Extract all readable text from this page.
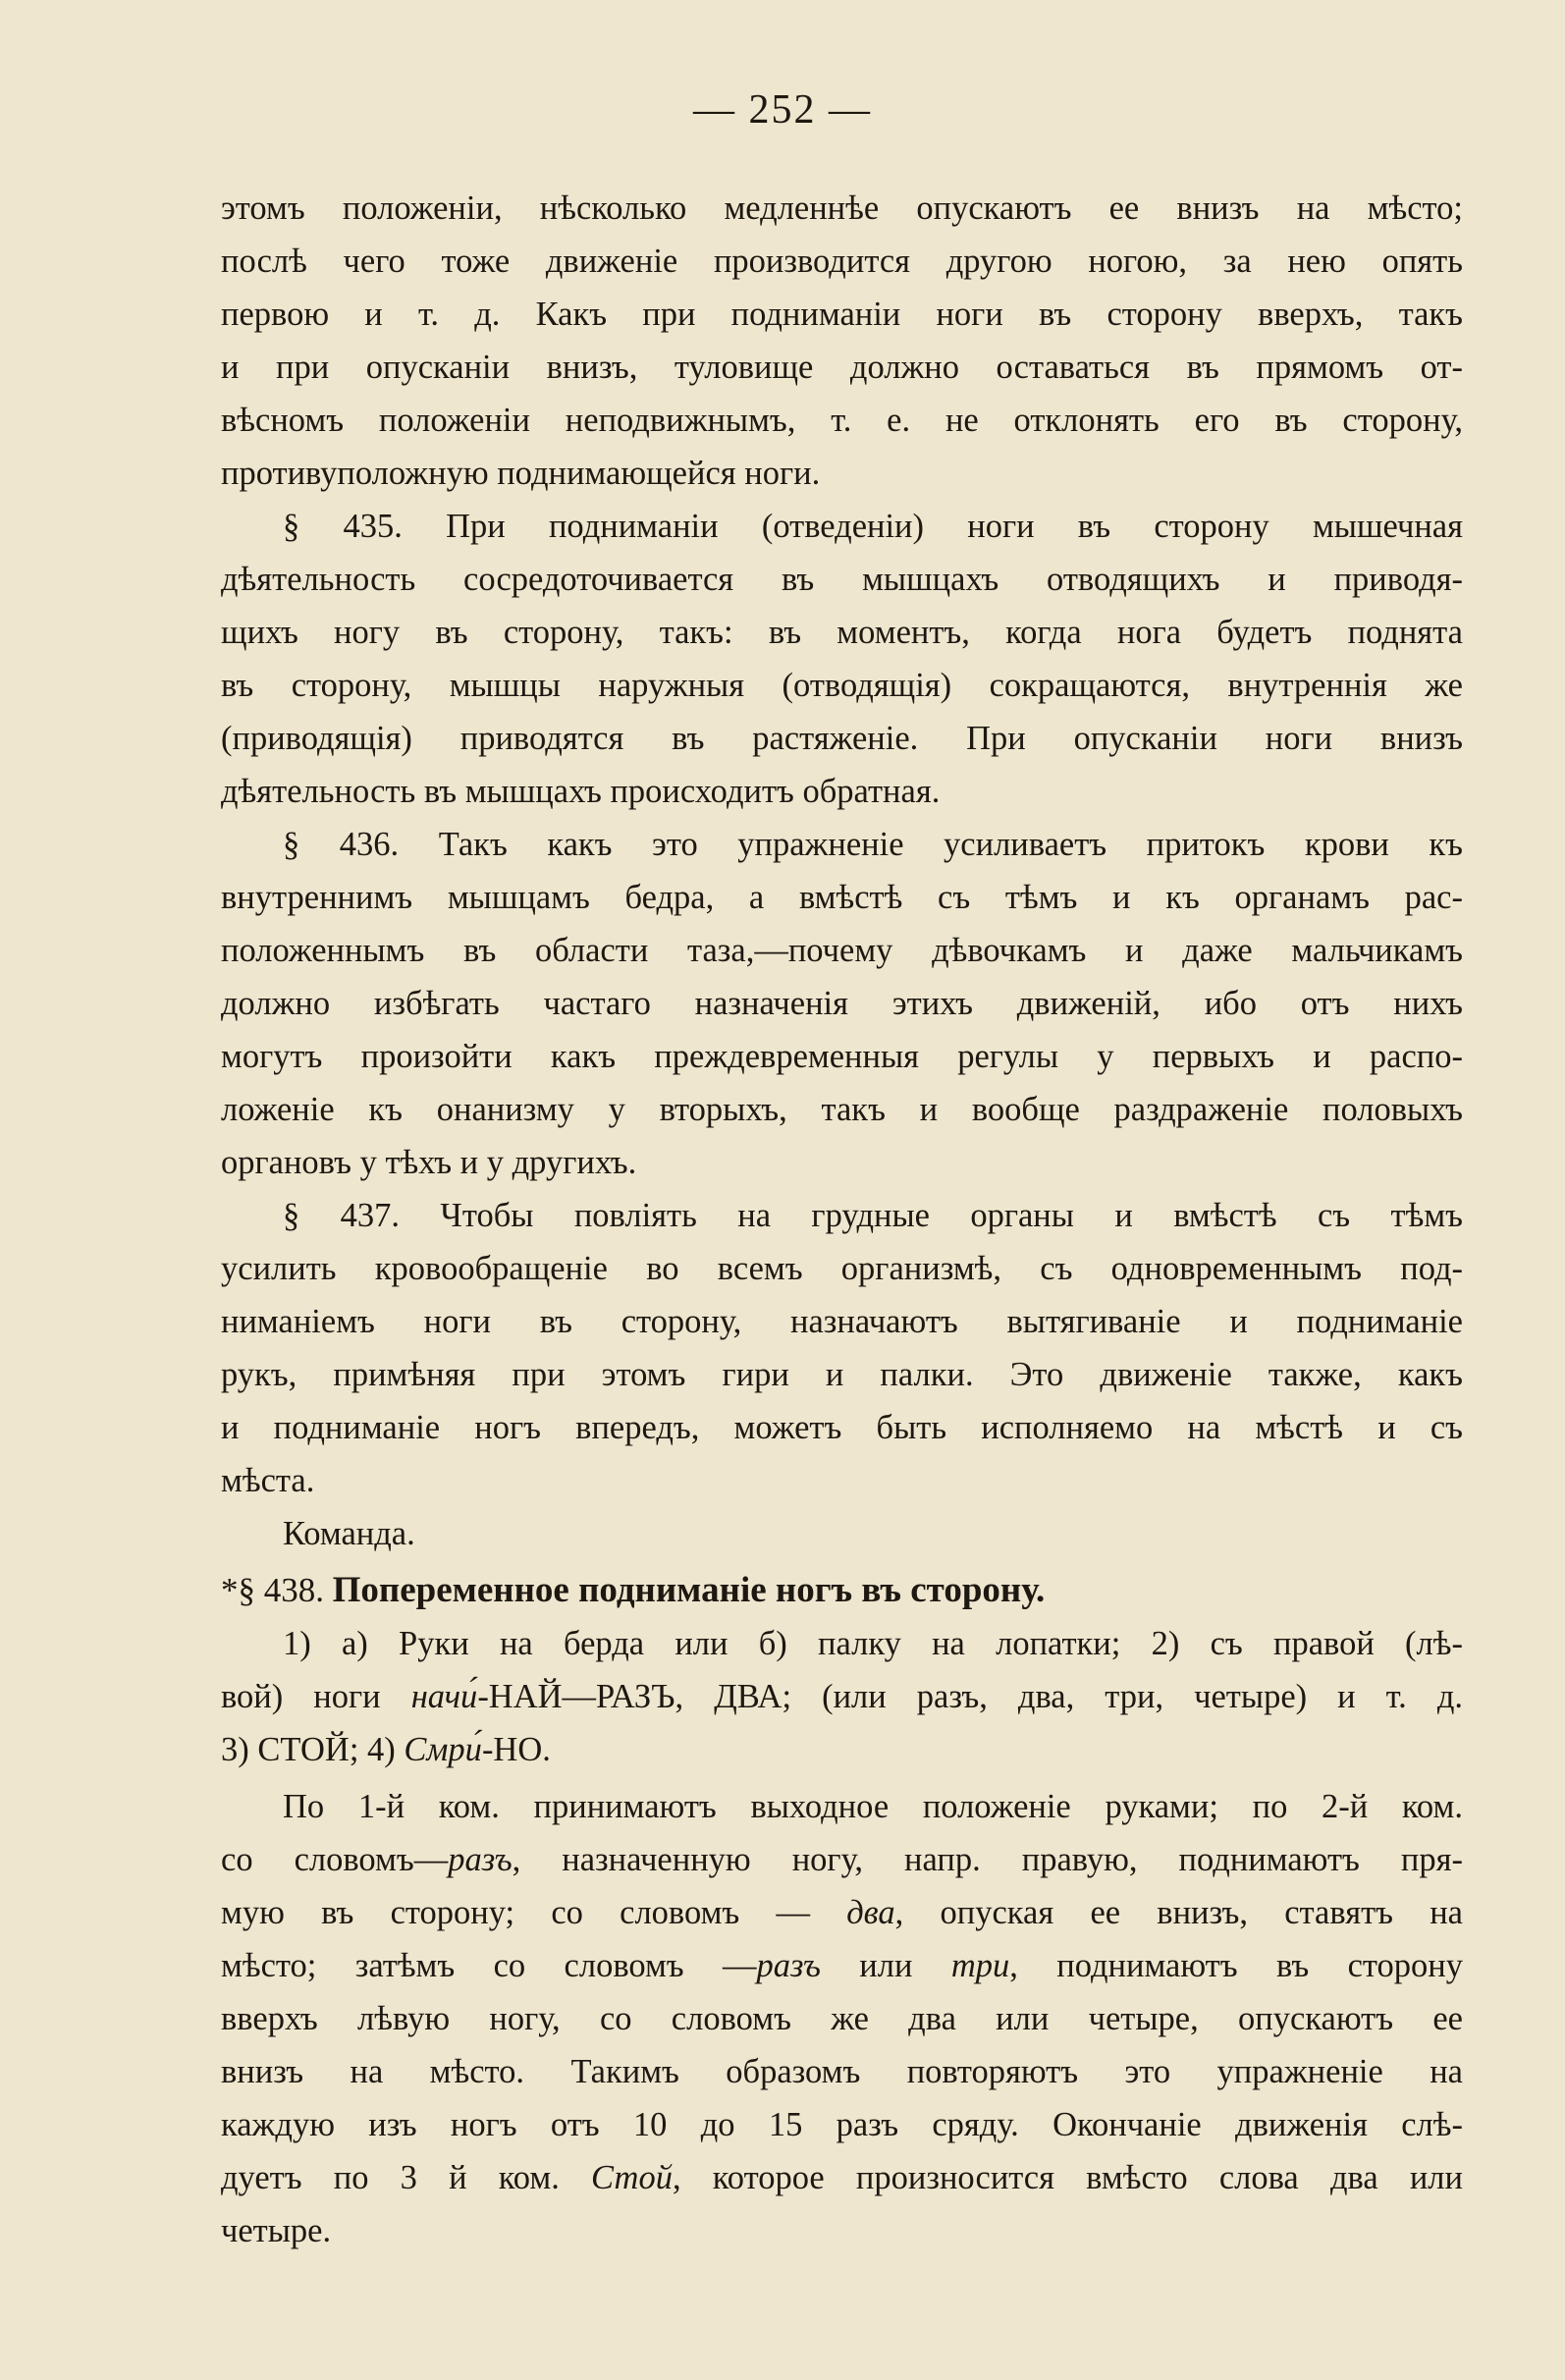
— 252 —
этомъ положеніи, нѣсколько медленнѣе опускаютъ ее внизъ на мѣсто;
послѣ чего тоже движеніе производится другою ногою, за нею опять
первою и т. д. Какъ при подниманіи ноги въ сторону вверхъ, такъ
и при опусканіи внизъ, туловище должно оставаться въ прямомъ от-
вѣсномъ положеніи неподвижнымъ, т. е. не отклонять его въ сторону,
противуположную поднимающейся ноги.
§ 435. При подниманіи (отведеніи) ноги въ сторону мышечная
дѣятельность сосредоточивается въ мышцахъ отводящихъ и приводя-
щихъ ногу въ сторону, такъ: въ моментъ, когда нога будетъ поднята
въ сторону, мышцы наружныя (отводящія) сокращаются, внутреннія же
(приводящія) приводятся въ растяженіе. При опусканіи ноги внизъ
дѣятельность въ мышцахъ происходитъ обратная.
§ 436. Такъ какъ это упражненіе усиливаетъ притокъ крови къ
внутреннимъ мышцамъ бедра, а вмѣстѣ съ тѣмъ и къ органамъ рас-
положеннымъ въ области таза,—почему дѣвочкамъ и даже мальчикамъ
должно избѣгать частаго назначенія этихъ движеній, ибо отъ нихъ
могутъ произойти какъ преждевременныя регулы у первыхъ и распо-
ложеніе къ онанизму у вторыхъ, такъ и вообще раздраженіе половыхъ
органовъ у тѣхъ и у другихъ.
§ 437. Чтобы повліять на грудные органы и вмѣстѣ съ тѣмъ
усилить кровообращеніе во всемъ организмѣ, съ одновременнымъ под-
ниманіемъ ноги въ сторону, назначаютъ вытягиваніе и подниманіе
рукъ, примѣняя при этомъ гири и палки. Это движеніе также, какъ
и подниманіе ногъ впередъ, можетъ быть исполняемо на мѣстѣ и съ
мѣста.
Команда.
*§ 438. Попеременное подниманіе ногъ въ сторону.
1) а) Руки на берда или б) палку на лопатки; 2) съ правой (лѣ-
вой) ноги начи́-НАЙ—РАЗЪ, ДВА; (или разъ, два, три, четыре) и т. д.
3) СТОЙ; 4) Смри́-НО.
По 1-й ком. принимаютъ выходное положеніе руками; по 2-й ком.
со словомъ—разъ, назначенную ногу, напр. правую, поднимаютъ пря-
мую въ сторону; со словомъ — два, опуская ее внизъ, ставятъ на
мѣсто; затѣмъ со словомъ —разъ или три, поднимаютъ въ сторону
вверхъ лѣвую ногу, со словомъ же два или четыре, опускаютъ ее
внизъ на мѣсто. Такимъ образомъ повторяютъ это упражненіе на
каждую изъ ногъ отъ 10 до 15 разъ сряду. Окончаніе движенія слѣ-
дуетъ по 3 й ком. Стой, которое произносится вмѣсто слова два или
четыре.
